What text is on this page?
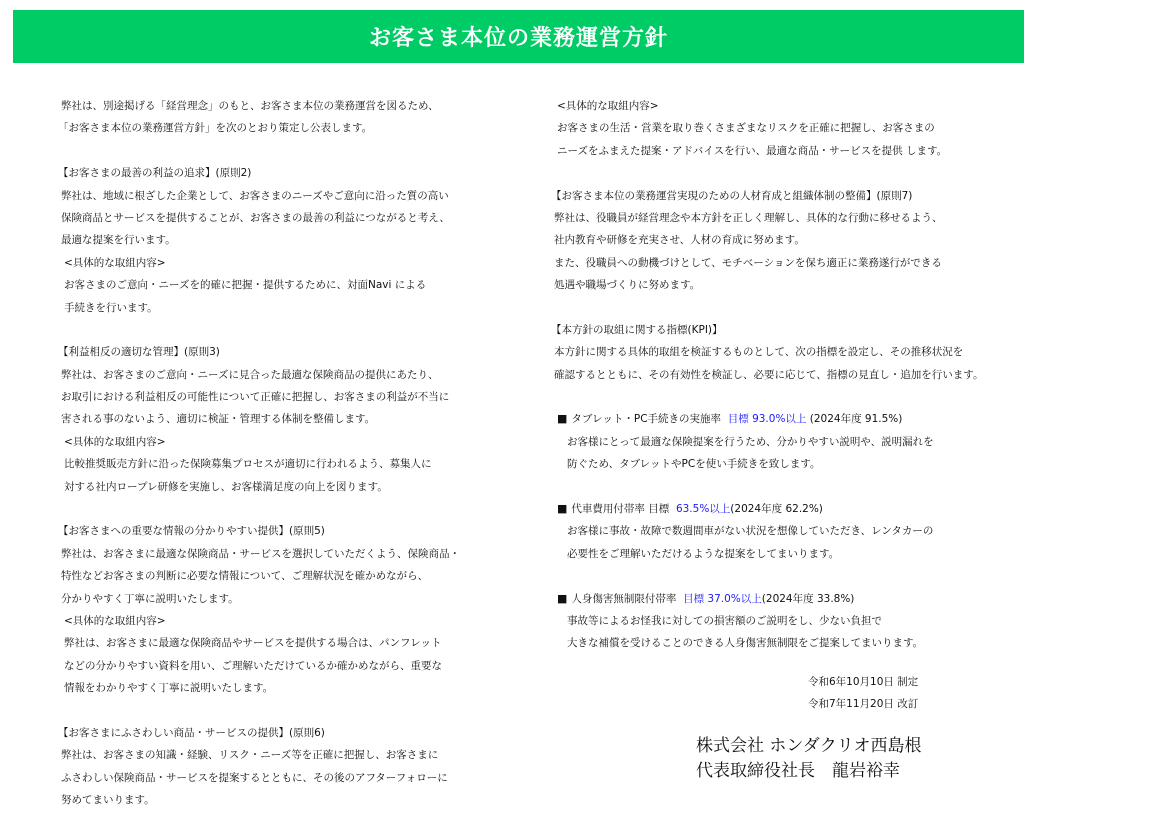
お客さま本位の業務運営方針
弊社は、別途掲げる「経営理念」のもと、お客さま本位の業務運営を図るため、
「お客さま本位の業務運営方針」を次のとおり策定し公表します。
【お客さまの最善の利益の追求】(原則2)
弊社は、地域に根ざした企業として、お客さまのニーズやご意向に沿った質の高い
保険商品とサービスを提供することが、お客さまの最善の利益につながると考え、
最適な提案を行います。
<具体的な取組内容>
お客さまのご意向・ニーズを的確に把握・提供するために、対面Navi による
手続きを行います。
【利益相反の適切な管理】(原則3)
弊社は、お客さまのご意向・ニーズに見合った最適な保険商品の提供にあたり、
お取引における利益相反の可能性について正確に把握し、お客さまの利益が不当に
害される事のないよう、適切に検証・管理する体制を整備します。
<具体的な取組内容>
比較推奨販売方針に沿った保険募集プロセスが適切に行われるよう、募集人に
対する社内ロープレ研修を実施し、お客様満足度の向上を図ります。
【お客さまへの重要な情報の分かりやすい提供】(原則5)
弊社は、お客さまに最適な保険商品・サービスを選択していただくよう、保険商品・
特性などお客さまの判断に必要な情報について、ご理解状況を確かめながら、
分かりやすく丁寧に説明いたします。
<具体的な取組内容>
弊社は、お客さまに最適な保険商品やサービスを提供する場合は、パンフレット
などの分かりやすい資料を用い、ご理解いただけているか確かめながら、重要な
情報をわかりやすく丁寧に説明いたします。
【お客さまにふさわしい商品・サービスの提供】(原則6)
弊社は、お客さまの知識・経験、リスク・ニーズ等を正確に把握し、お客さまに
ふさわしい保険商品・サービスを提案するとともに、その後のアフターフォローに
努めてまいります。
<具体的な取組内容>
お客さまの生活・営業を取り巻くさまざまなリスクを正確に把握し、お客さまの
ニーズをふまえた提案・アドバイスを行い、最適な商品・サービスを提供 します。
【お客さま本位の業務運営実現のための人材育成と組織体制の整備】(原則7)
弊社は、役職員が経営理念や本方針を正しく理解し、具体的な行動に移せるよう、
社内教育や研修を充実させ、人材の育成に努めます。
また、役職員への動機づけとして、モチベーションを保ち適正に業務遂行ができる
処遇や職場づくりに努めます。
【本方針の取組に関する指標(KPI)】
本方針に関する具体的取組を検証するものとして、次の指標を設定し、その推移状況を
確認するとともに、その有効性を検証し、必要に応じて、指標の見直し・追加を行います。
■ タブレット・PC手続きの実施率 目標 93.0%以上 (2024年度 91.5%)
お客様にとって最適な保険提案を行うため、分かりやすい説明や、説明漏れを
防ぐため、タブレットやPCを使い手続きを致します。
■ 代車費用付帯率 目標 63.5%以上(2024年度 62.2%)
お客様に事故・故障で数週間車がない状況を想像していただき、レンタカーの
必要性をご理解いただけるような提案をしてまいります。
■ 人身傷害無制限付帯率 目標 37.0%以上(2024年度 33.8%)
事故等によるお怪我に対しての損害額のご説明をし、少ない負担で
大きな補償を受けることのできる人身傷害無制限をご提案してまいります。
令和6年10月10日 制定
令和7年11月20日 改訂
株式会社 ホンダクリオ西島根
代表取締役社長　龍岩裕幸
